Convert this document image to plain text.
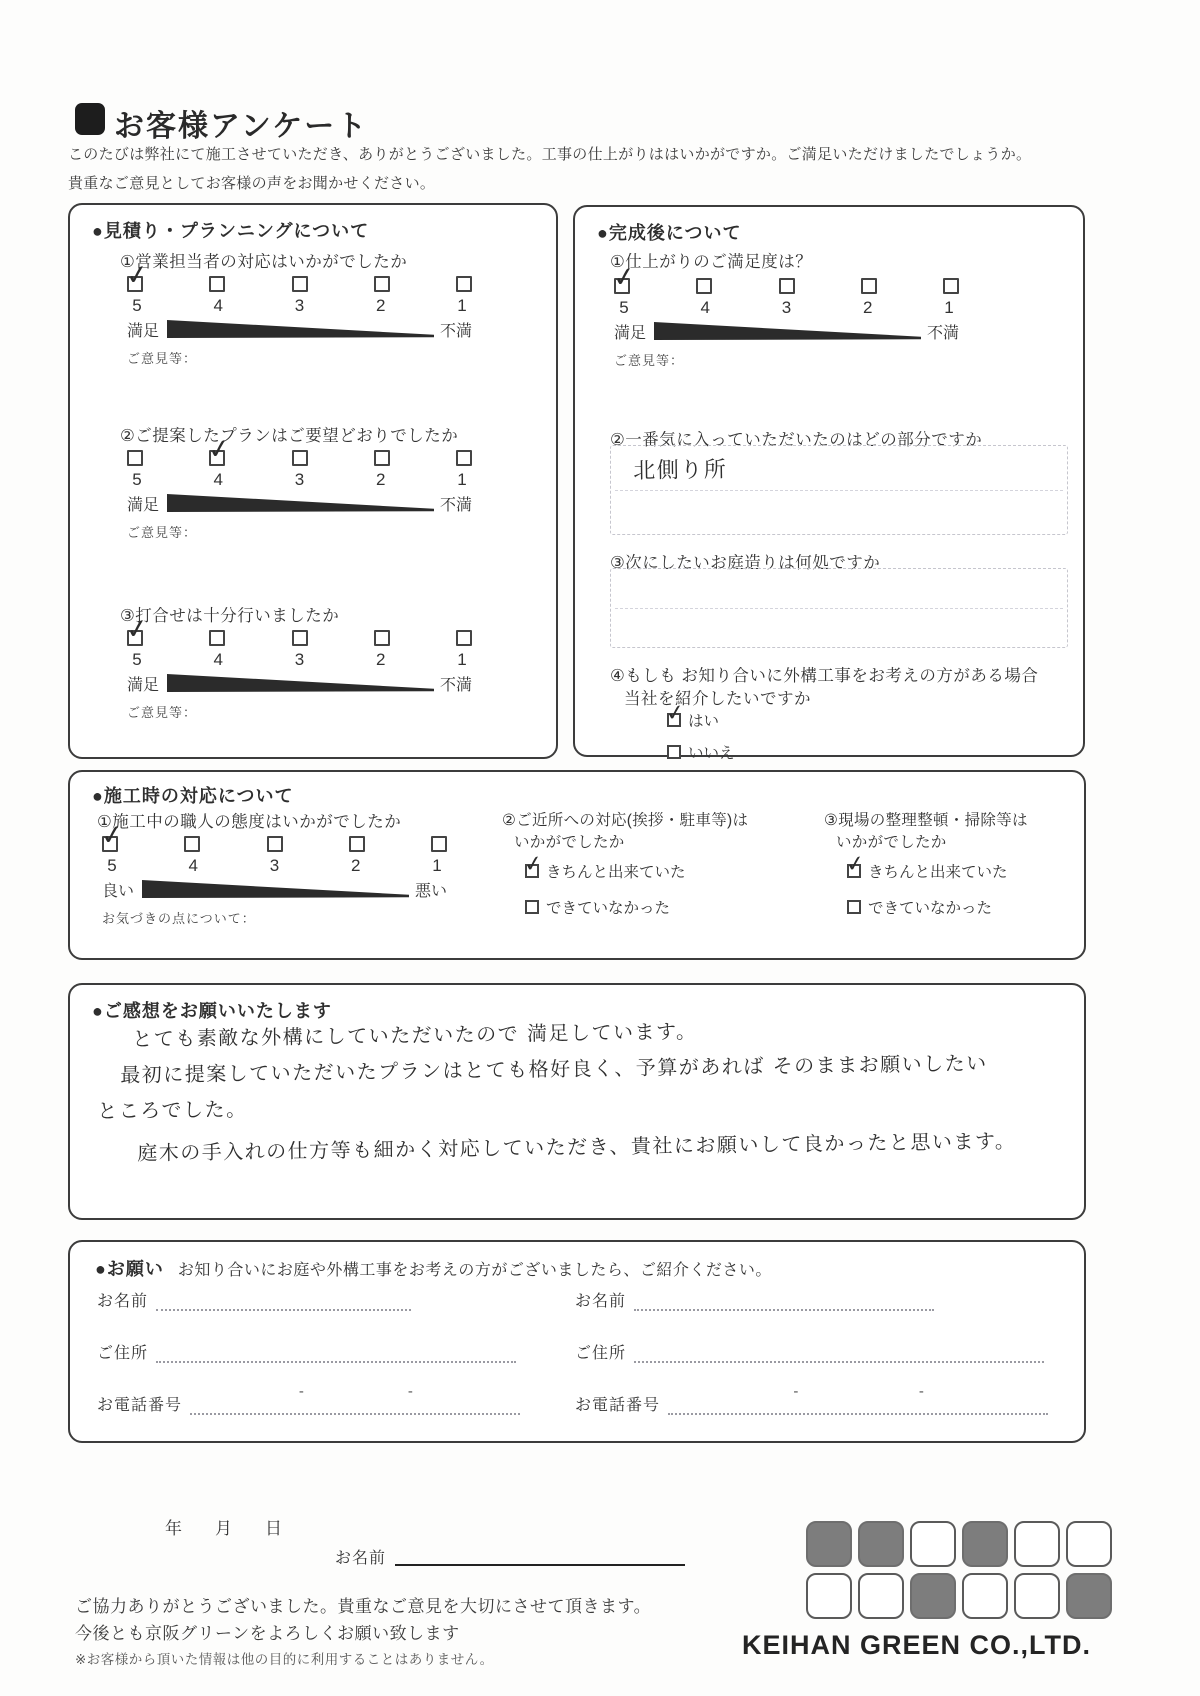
お客様アンケート
このたびは弊社にて施工させていただき、ありがとうございました。工事の仕上がりははいかがですか。ご満足いただけましたでしょうか。
貴重なご意見としてお客様の声をお聞かせください。
●見積り・プランニングについて
①営業担当者の対応はいかがでしたか
✓
5	4	3	2	1
満足	不満
ご意見等：
②ご提案したプランはご要望どおりでしたか
✓
5	4	3	2	1
満足	不満
ご意見等：
③打合せは十分行いましたか
✓
5	4	3	2	1
満足	不満
ご意見等：
●完成後について
①仕上がりのご満足度は？
✓
5	4	3	2	1
満足	不満
ご意見等：
②一番気に入っていただいたのはどの部分ですか
北側り所
③次にしたいお庭造りは何処ですか
④もしも お知り合いに外構工事をお考えの方がある場合
当社を紹介したいですか
✓
はい
いいえ
●施工時の対応について
①施工中の職人の態度はいかがでしたか
✓
5	4	3	2	1
良い	悪い
お気づきの点について：
②ご近所への対応(挨拶・駐車等)は
いかがでしたか
✓
きちんと出来ていた
できていなかった
③現場の整理整頓・掃除等は
いかがでしたか
✓
きちんと出来ていた
できていなかった
●ご感想をお願いいたします
とても素敵な外構にしていただいたので 満足しています。
最初に提案していただいたプランはとても格好良く、予算があれば そのままお願いしたい
ところでした。
庭木の手入れの仕方等も細かく対応していただき、貴社にお願いして良かったと思います。
●お願い お知り合いにお庭や外構工事をお考えの方がございましたら、ご紹介ください。
お名前
ご住所
お電話番号
-	-
お名前
ご住所
お電話番号
-	-
年　月　日
お名前
ご協力ありがとうございました。貴重なご意見を大切にさせて頂きます。
今後とも京阪グリーンをよろしくお願い致します
※お客様から頂いた情報は他の目的に利用することはありません。	KEIHAN GREEN CO.,LTD.
